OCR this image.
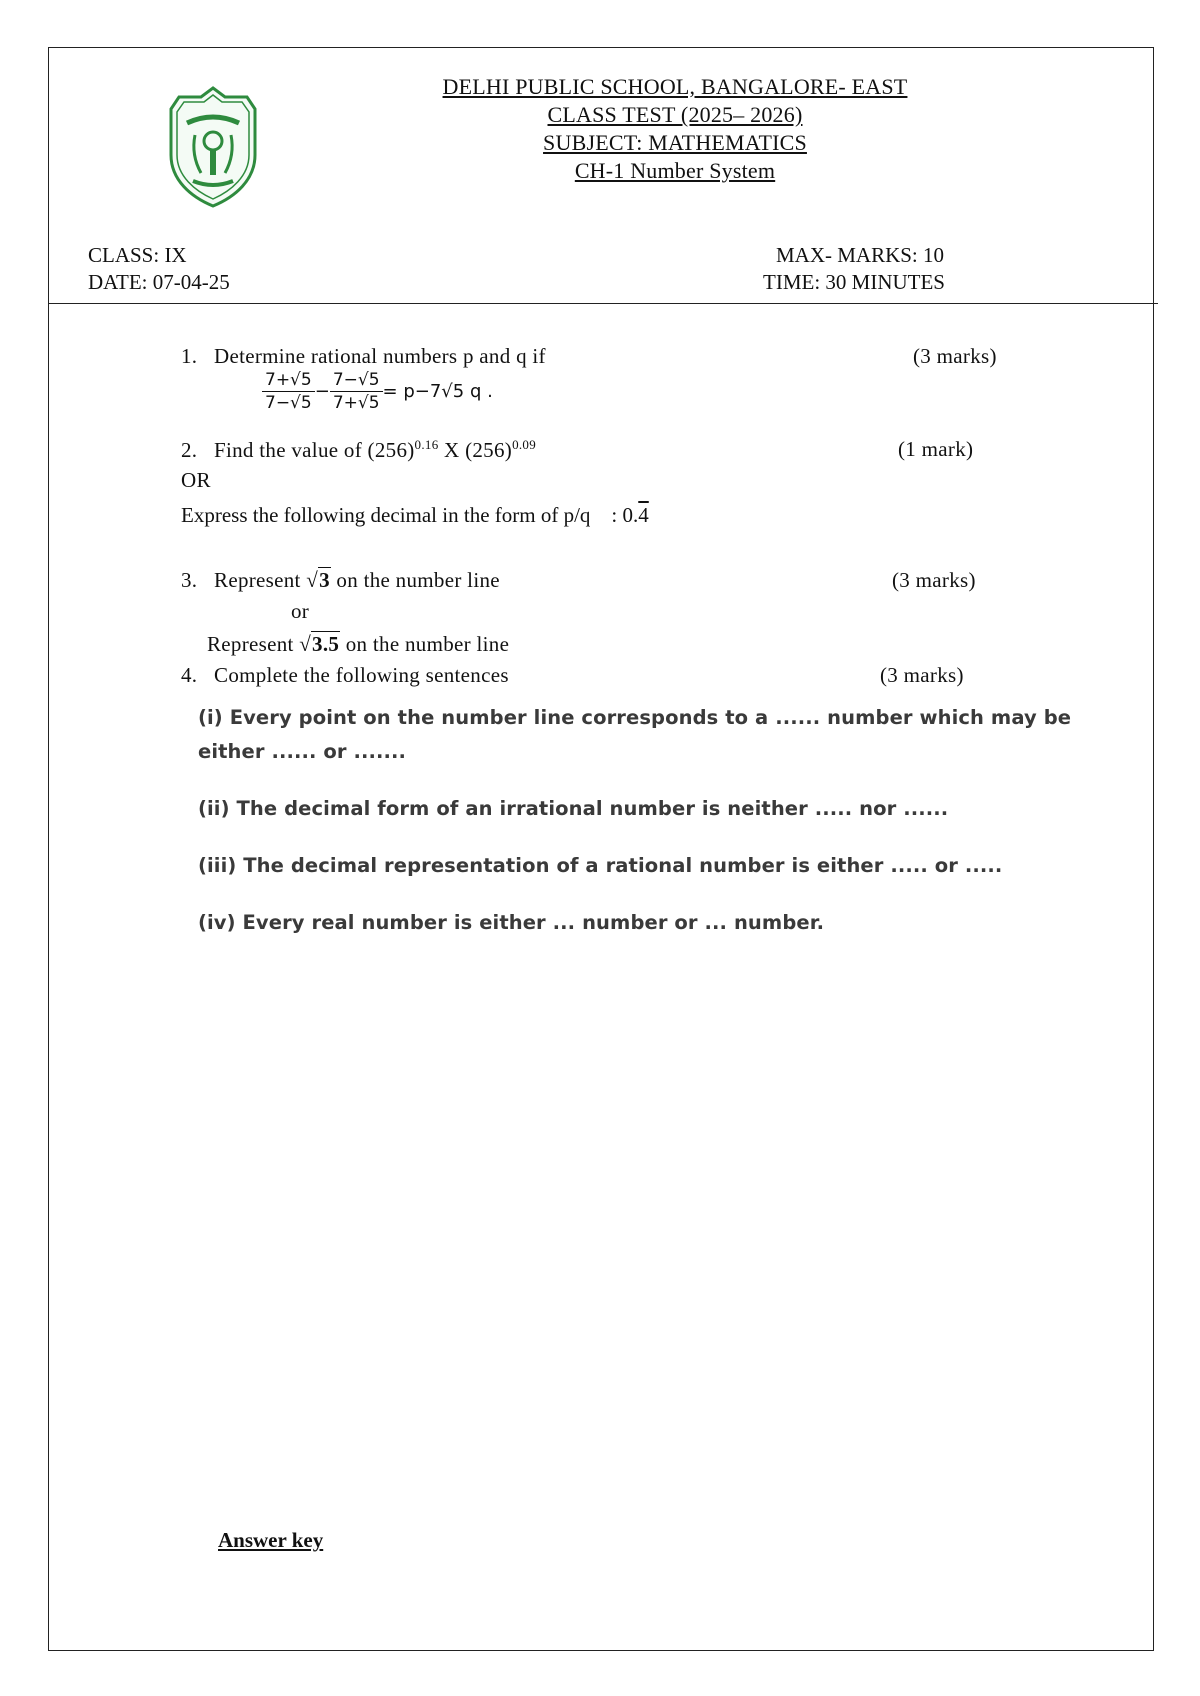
DELHI PUBLIC SCHOOL, BANGALORE- EAST
CLASS TEST (2025– 2026)
SUBJECT: MATHEMATICS
CH-1 Number System
CLASS: IX
DATE: 07-04-25
MAX- MARKS: 10
TIME: 30 MINUTES
1. Determine rational numbers p and q if	(3 marks)
$\frac{7+√5}{7-√5} - \frac{7-√5}{7+√5} = p-7√5$ q .
2. Find the value of $(256)^{0.16}$ X $(256)^{0.09}$	(1 mark)
OR
Express the following decimal in the form of p/q : 0.4
3. Represent √3 on the number line	(3 marks)
or
Represent √3.5 on the number line
4. Complete the following sentences	(3 marks)
(i) Every point on the number line corresponds to a ...... number which may be
either ...... or .......
(ii) The decimal form of an irrational number is neither ..... nor ......
(iii) The decimal representation of a rational number is either ..... or .....
(iv) Every real number is either ... number or ... number.
Answer key
